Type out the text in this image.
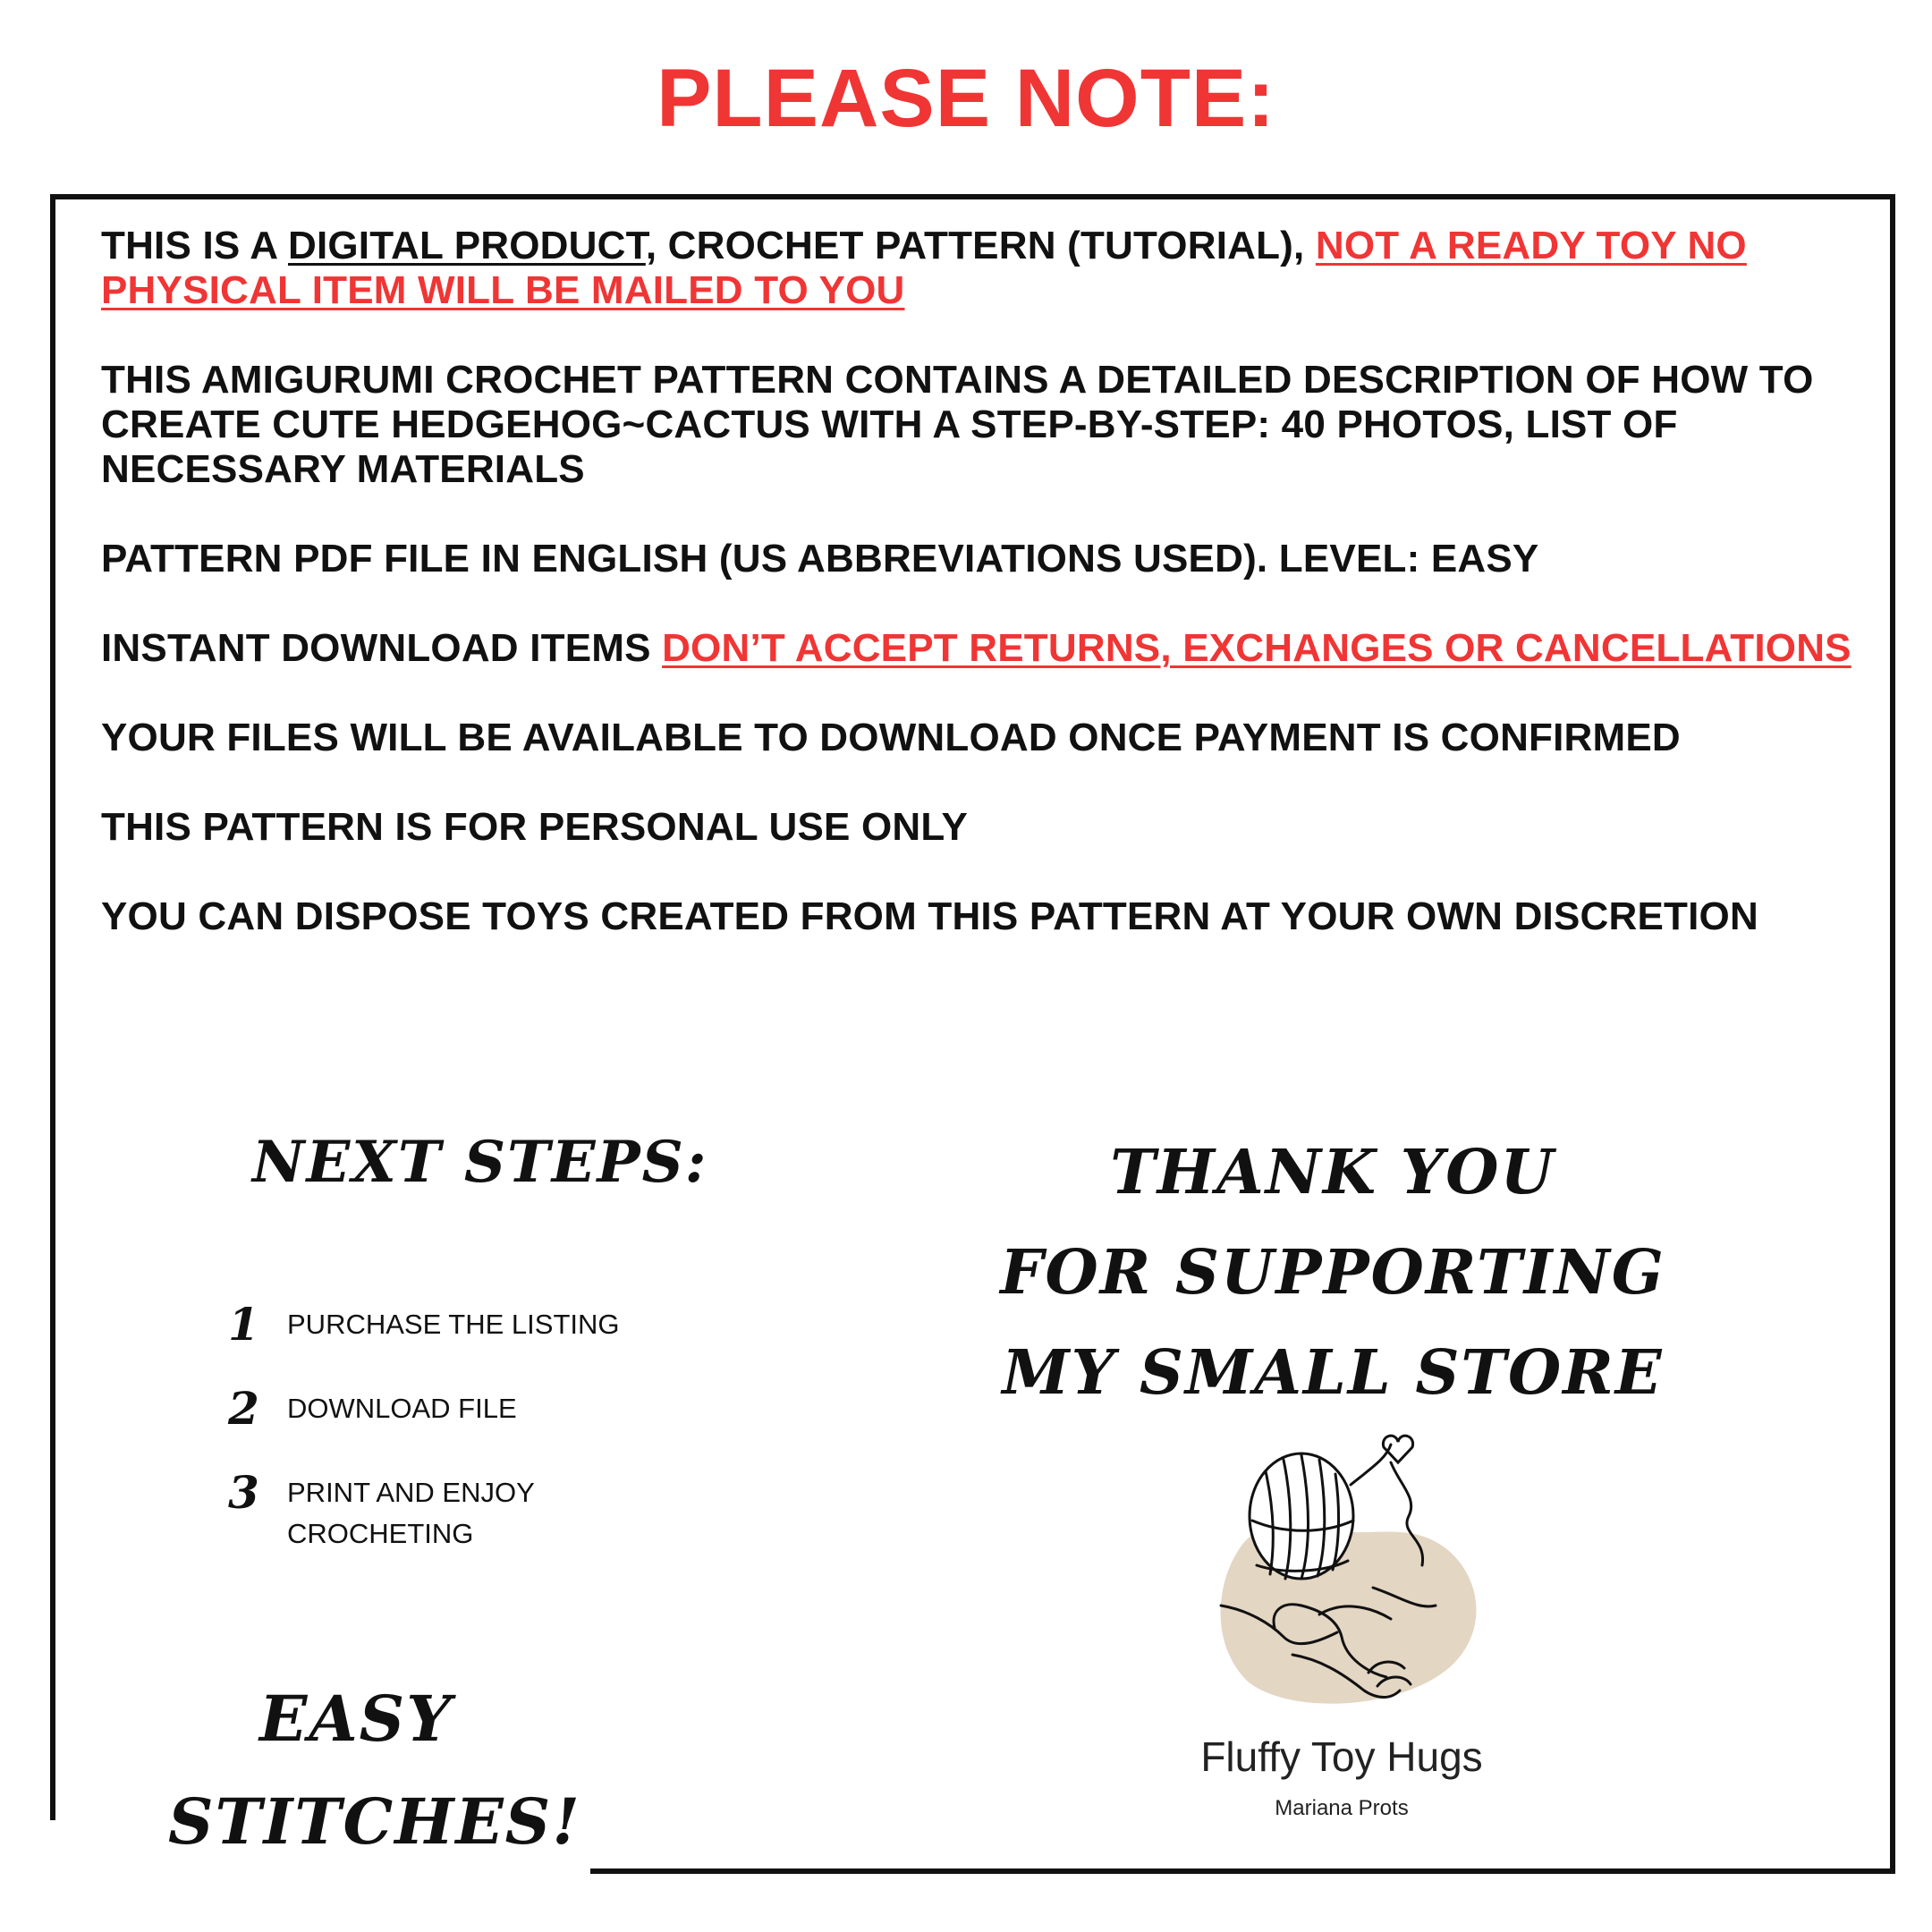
PLEASE NOTE:
THIS IS A DIGITAL PRODUCT, CROCHET PATTERN (TUTORIAL), NOT A READY TOY NO PHYSICAL ITEM WILL BE MAILED TO YOU
THIS AMIGURUMI CROCHET PATTERN CONTAINS A DETAILED DESCRIPTION OF HOW TO CREATE CUTE HEDGEHOG~CACTUS WITH A STEP-BY-STEP: 40 PHOTOS, LIST OF NECESSARY MATERIALS
PATTERN PDF FILE IN ENGLISH (US ABBREVIATIONS USED). LEVEL: EASY
INSTANT DOWNLOAD ITEMS DON’T ACCEPT RETURNS, EXCHANGES OR CANCELLATIONS
YOUR FILES WILL BE AVAILABLE TO DOWNLOAD ONCE PAYMENT IS CONFIRMED
THIS PATTERN IS FOR PERSONAL USE ONLY
YOU CAN DISPOSE TOYS CREATED FROM THIS PATTERN AT YOUR OWN DISCRETION
NEXT STEPS:
1	PURCHASE THE LISTING
2	DOWNLOAD FILE
3	PRINT AND ENJOY CROCHETING
THANK YOU
FOR SUPPORTING
MY SMALL STORE
EASY
STITCHES!
Fluffy Toy Hugs
Mariana Prots
